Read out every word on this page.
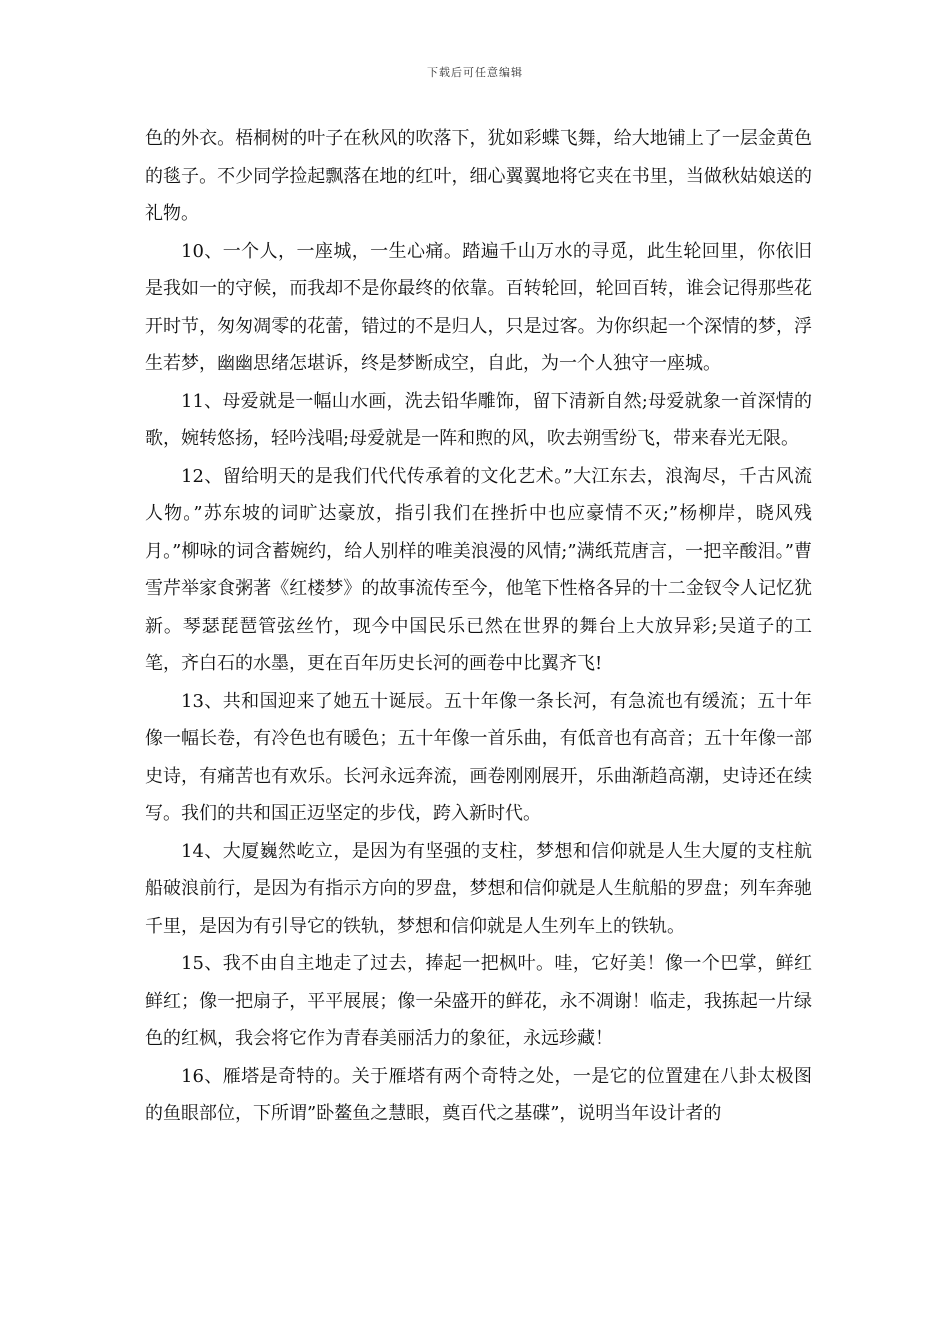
下载后可任意编辑

色的外衣。梧桐树的叶子在秋风的吹落下，犹如彩蝶飞舞，给大地铺上了一层金黄色的毯子。不少同学捡起飘落在地的红叶，细心翼翼地将它夹在书里，当做秋姑娘送的礼物。

10、一个人，一座城，一生心痛。踏遍千山万水的寻觅，此生轮回里，你依旧是我如一的守候，而我却不是你最终的依靠。百转轮回，轮回百转，谁会记得那些花开时节，匆匆凋零的花蕾，错过的不是归人，只是过客。为你织起一个深情的梦，浮生若梦，幽幽思绪怎堪诉，终是梦断成空，自此，为一个人独守一座城。

11、母爱就是一幅山水画，洗去铅华雕饰，留下清新自然;母爱就象一首深情的歌，婉转悠扬，轻吟浅唱;母爱就是一阵和煦的风，吹去朔雪纷飞，带来春光无限。

12、留给明天的是我们代代传承着的文化艺术。”大江东去，浪淘尽，千古风流人物。”苏东坡的词旷达豪放，指引我们在挫折中也应豪情不灭;”杨柳岸，晓风残月。”柳咏的词含蓄婉约，给人别样的唯美浪漫的风情;”满纸荒唐言，一把辛酸泪。”曹雪芹举家食粥著《红楼梦》的故事流传至今，他笔下性格各异的十二金钗令人记忆犹新。琴瑟琵琶管弦丝竹，现今中国民乐已然在世界的舞台上大放异彩;吴道子的工笔，齐白石的水墨，更在百年历史长河的画卷中比翼齐飞!

13、共和国迎来了她五十诞辰。五十年像一条长河，有急流也有缓流；五十年像一幅长卷，有冷色也有暖色；五十年像一首乐曲，有低音也有高音；五十年像一部史诗，有痛苦也有欢乐。长河永远奔流，画卷刚刚展开，乐曲渐趋高潮，史诗还在续写。我们的共和国正迈坚定的步伐，跨入新时代。

14、大厦巍然屹立，是因为有坚强的支柱，梦想和信仰就是人生大厦的支柱航船破浪前行，是因为有指示方向的罗盘，梦想和信仰就是人生航船的罗盘；列车奔驰千里，是因为有引导它的铁轨，梦想和信仰就是人生列车上的铁轨。

15、我不由自主地走了过去，捧起一把枫叶。哇，它好美！像一个巴掌，鲜红鲜红；像一把扇子，平平展展；像一朵盛开的鲜花，永不凋谢！临走，我拣起一片绿色的红枫，我会将它作为青春美丽活力的象征，永远珍藏！

16、雁塔是奇特的。关于雁塔有两个奇特之处，一是它的位置建在八卦太极图的鱼眼部位，下所谓”卧鳌鱼之慧眼，奠百代之基碟”，说明当年设计者的
